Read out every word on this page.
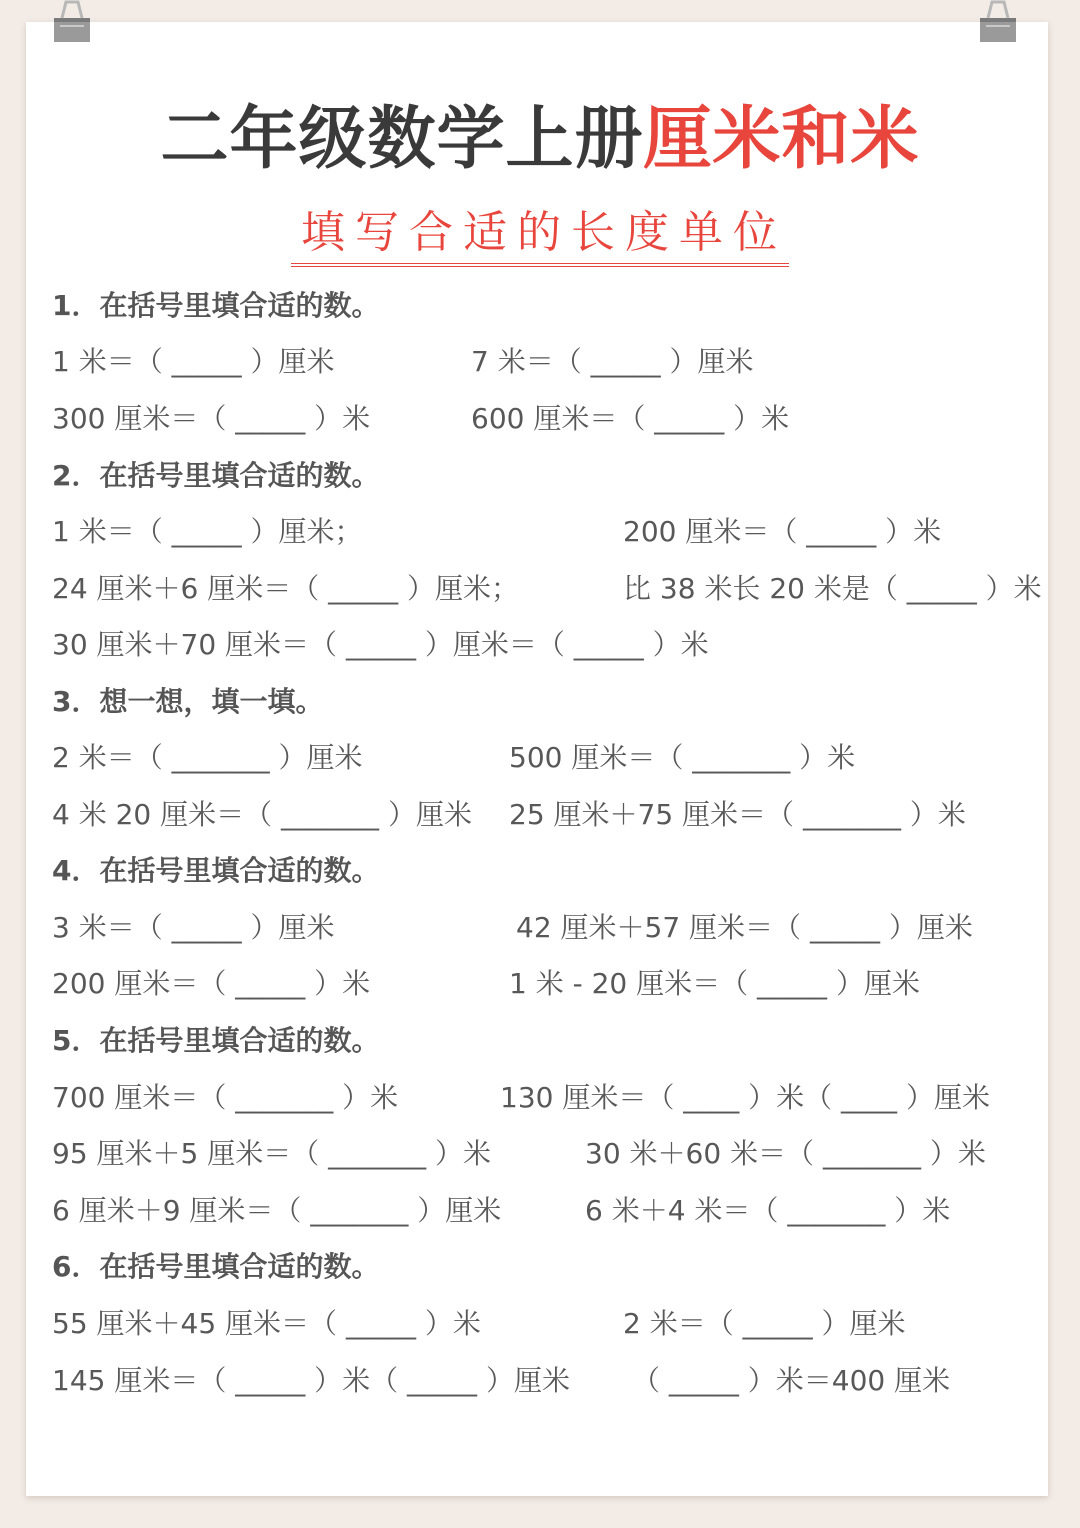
二年级数学上册厘米和米
填写合适的长度单位
1．在括号里填合适的数。
1 米＝（ _____ ）厘米	7 米＝（ _____ ）厘米
300 厘米＝（ _____ ）米	600 厘米＝（ _____ ）米
2．在括号里填合适的数。
1 米＝（ _____ ）厘米；	200 厘米＝（ _____ ）米
24 厘米＋6 厘米＝（ _____ ）厘米；	比 38 米长 20 米是（ _____ ）米
30 厘米＋70 厘米＝（ _____ ）厘米＝（ _____ ）米
3．想一想，填一填。
2 米＝（ _______ ）厘米	500 厘米＝（ _______ ）米
4 米 20 厘米＝（ _______ ）厘米 25 厘米＋75 厘米＝（ _______ ）米
4．在括号里填合适的数。
3 米＝（ _____ ）厘米	42 厘米＋57 厘米＝（ _____ ）厘米
200 厘米＝（ _____ ）米	1 米 - 20 厘米＝（ _____ ）厘米
5．在括号里填合适的数。
700 厘米＝（ _______ ）米	130 厘米＝（ ____ ）米（ ____ ）厘米
95 厘米＋5 厘米＝（ _______ ）米	30 米＋60 米＝（ _______ ）米
6 厘米＋9 厘米＝（ _______ ）厘米	6 米＋4 米＝（ _______ ）米
6．在括号里填合适的数。
55 厘米＋45 厘米＝（ _____ ）米	2 米＝（ _____ ）厘米
145 厘米＝（ _____ ）米（ _____ ）厘米 （ _____ ）米＝400 厘米
